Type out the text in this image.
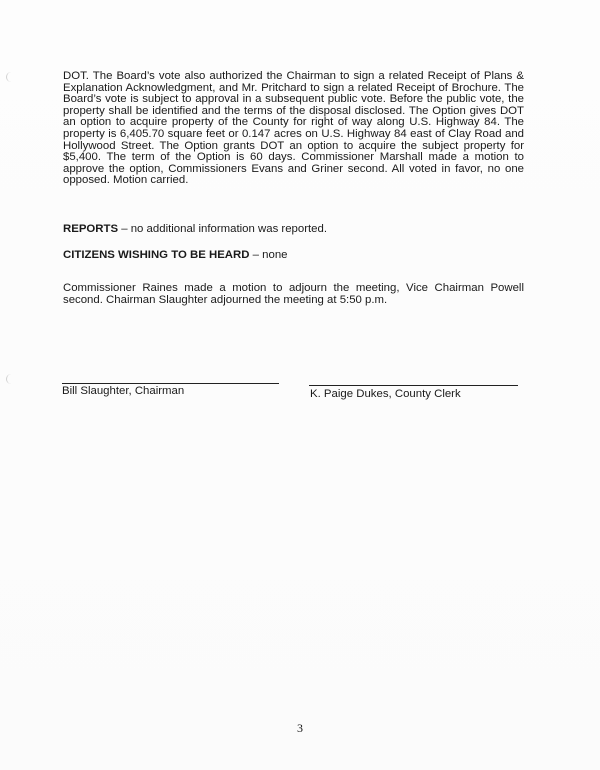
DOT. The Board’s vote also authorized the Chairman to sign a related Receipt of Plans & Explanation Acknowledgment, and Mr. Pritchard to sign a related Receipt of Brochure. The Board’s vote is subject to approval in a subsequent public vote. Before the public vote, the property shall be identified and the terms of the disposal disclosed. The Option gives DOT an option to acquire property of the County for right of way along U.S. Highway 84. The property is 6,405.70 square feet or 0.147 acres on U.S. Highway 84 east of Clay Road and Hollywood Street. The Option grants DOT an option to acquire the subject property for $5,400. The term of the Option is 60 days. Commissioner Marshall made a motion to approve the option, Commissioners Evans and Griner second. All voted in favor, no one opposed. Motion carried.

REPORTS – no additional information was reported.

CITIZENS WISHING TO BE HEARD – none

Commissioner Raines made a motion to adjourn the meeting, Vice Chairman Powell second. Chairman Slaughter adjourned the meeting at 5:50 p.m.

Bill Slaughter, Chairman	K. Paige Dukes, County Clerk

3
